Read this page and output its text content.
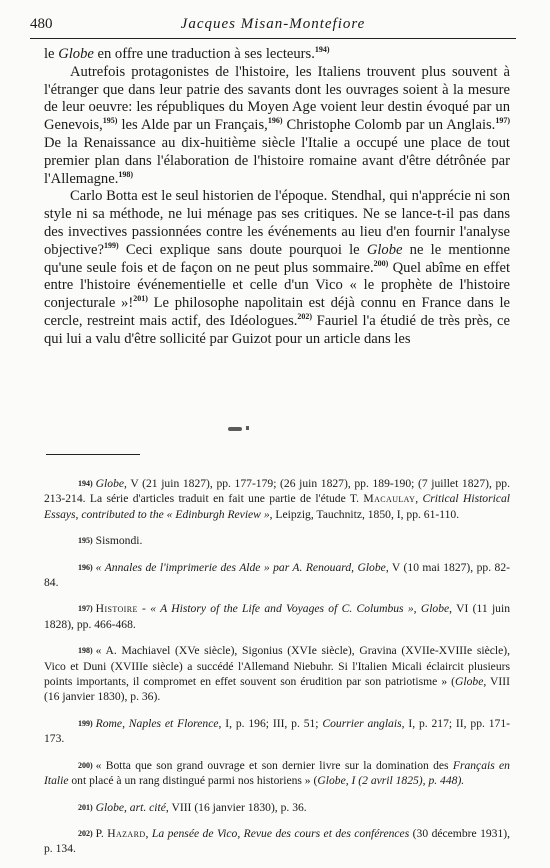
480	Jacques Misan-Montefiore

le Globe en offre une traduction à ses lecteurs.$^{194)}$

Autrefois protagonistes de l'histoire, les Italiens trouvent plus souvent à l'étranger que dans leur patrie des savants dont les ouvrages soient à la mesure de leur oeuvre: les républiques du Moyen Age voient leur destin évoqué par un Genevois,$^{195)}$ les Alde par un Français,$^{196)}$ Christophe Colomb par un Anglais.$^{197)}$ De la Renaissance au dix-huitième siècle l'Italie a occupé une place de tout premier plan dans l'élaboration de l'histoire romaine avant d'être détrônée par l'Allemagne.$^{198)}$

Carlo Botta est le seul historien de l'époque. Stendhal, qui n'apprécie ni son style ni sa méthode, ne lui ménage pas ses critiques. Ne se lance-t-il pas dans des invectives passionnées contre les événements au lieu d'en fournir l'analyse objective?$^{199)}$ Ceci explique sans doute pourquoi le Globe ne le mentionne qu'une seule fois et de façon on ne peut plus sommaire.$^{200)}$ Quel abîme en effet entre l'histoire événementielle et celle d'un Vico « le prophète de l'histoire conjecturale »!$^{201)}$ Le philosophe napolitain est déjà connu en France dans le cercle, restreint mais actif, des Idéologues.$^{202)}$ Fauriel l'a étudié de très près, ce qui lui a valu d'être sollicité par Guizot pour un article dans les

194) Globe, V (21 juin 1827), pp. 177-179; (26 juin 1827), pp. 189-190; (7 juillet 1827), pp. 213-214. La série d'articles traduit en fait une partie de l'étude T. Macaulay, Critical Historical Essays, contributed to the « Edinburgh Review », Leipzig, Tauchnitz, 1850, I, pp. 61-110.

195) Sismondi.

196) « Annales de l'imprimerie des Alde » par A. Renouard, Globe, V (10 mai 1827), pp. 82-84.

197) Histoire - « A History of the Life and Voyages of C. Columbus », Globe, VI (11 juin 1828), pp. 466-468.

198) « A. Machiavel (XVe siècle), Sigonius (XVIe siècle), Gravina (XVIIe-XVIIIe siècle), Vico et Duni (XVIIIe siècle) a succédé l'Allemand Niebuhr. Si l'Italien Micali éclaircit plusieurs points importants, il compromet en effet souvent son érudition par son patriotisme » (Globe, VIII (16 janvier 1830), p. 36).

199) Rome, Naples et Florence, I, p. 196; III, p. 51; Courrier anglais, I, p. 217; II, pp. 171-173.

200) « Botta que son grand ouvrage et son dernier livre sur la domination des Français en Italie ont placé à un rang distingué parmi nos historiens » (Globe, I (2 avril 1825), p. 448).

201) Globe, art. cité, VIII (16 janvier 1830), p. 36.

202) P. Hazard, La pensée de Vico, Revue des cours et des conférences (30 décembre 1931), p. 134.
